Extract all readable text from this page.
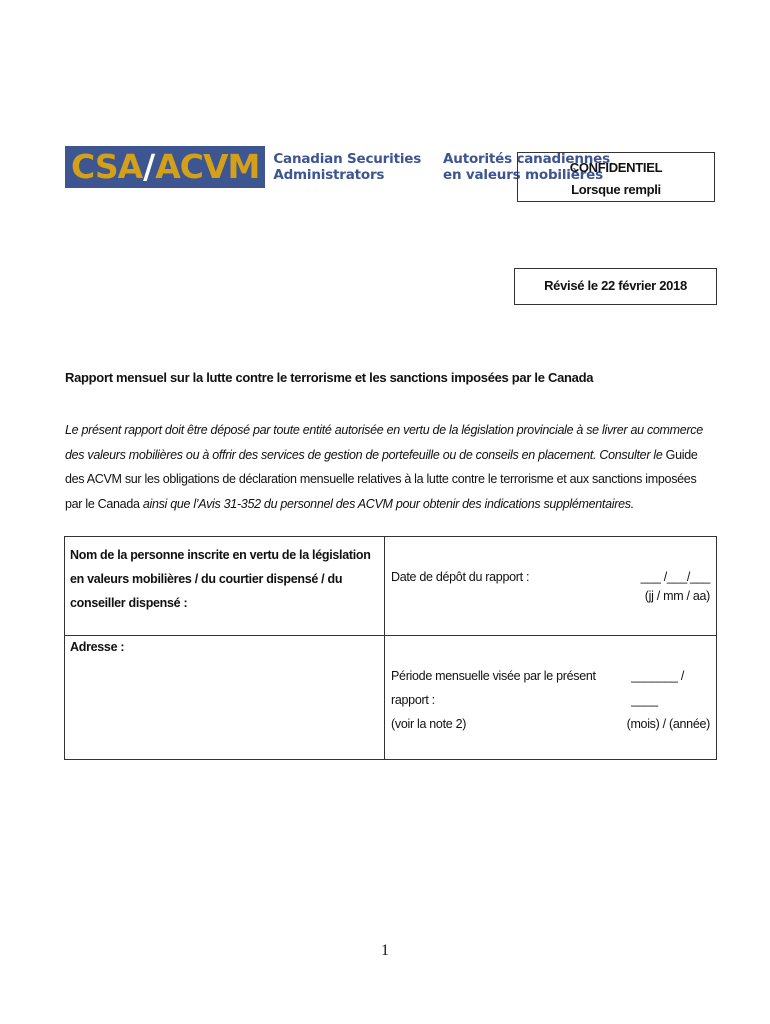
CSA / ACVM Canadian Securities
Administrators
Autorités canadiennes
en valeurs mobilières
CONFIDENTIEL
Lorsque rempli
Révisé le 22 février 2018
Rapport mensuel sur la lutte contre le terrorisme et les sanctions imposées par le Canada
Le présent rapport doit être déposé par toute entité autorisée en vertu de la législation provinciale à se livrer au commerce des valeurs mobilières ou à offrir des services de gestion de portefeuille ou de conseils en placement. Consulter le Guide des ACVM sur les obligations de déclaration mensuelle relatives à la lutte contre le terrorisme et aux sanctions imposées par le Canada ainsi que l’Avis 31-352 du personnel des ACVM pour obtenir des indications supplémentaires.
Nom de la personne inscrite en vertu de la législation en valeurs mobilières / du courtier dispensé / du conseiller dispensé :	Date de dépôt du rapport : ___ /___/___
(jj / mm / aa)

Adresse :	Période mensuelle visée par le présent rapport :
_______ / ____
(voir la note 2) (mois) / (année)
1
